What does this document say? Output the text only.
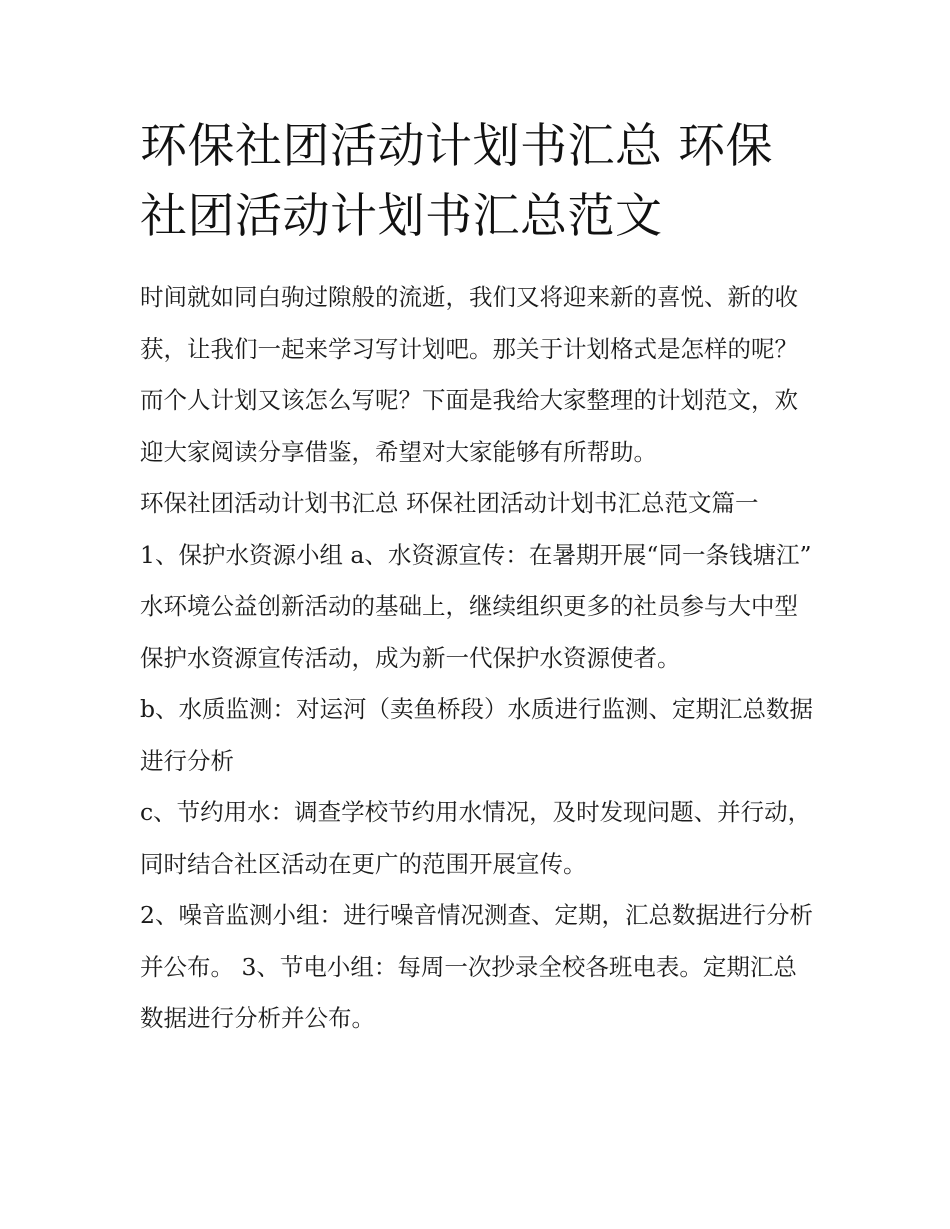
环保社团活动计划书汇总 环保社团活动计划书汇总范文

时间就如同白驹过隙般的流逝，我们又将迎来新的喜悦、新的收获，让我们一起来学习写计划吧。那关于计划格式是怎样的呢？而个人计划又该怎么写呢？下面是我给大家整理的计划范文，欢迎大家阅读分享借鉴，希望对大家能够有所帮助。

环保社团活动计划书汇总 环保社团活动计划书汇总范文篇一

1、保护水资源小组 a、水资源宣传：在暑期开展“同一条钱塘江”

水环境公益创新活动的基础上，继续组织更多的社员参与大中型保护水资源宣传活动，成为新一代保护水资源使者。

b、水质监测：对运河（卖鱼桥段）水质进行监测、定期汇总数据进行分析

c、节约用水：调查学校节约用水情况，及时发现问题、并行动，同时结合社区活动在更广的范围开展宣传。

2、噪音监测小组：进行噪音情况测查、定期，汇总数据进行分析并公布。 3、节电小组：每周一次抄录全校各班电表。定期汇总数据进行分析并公布。
